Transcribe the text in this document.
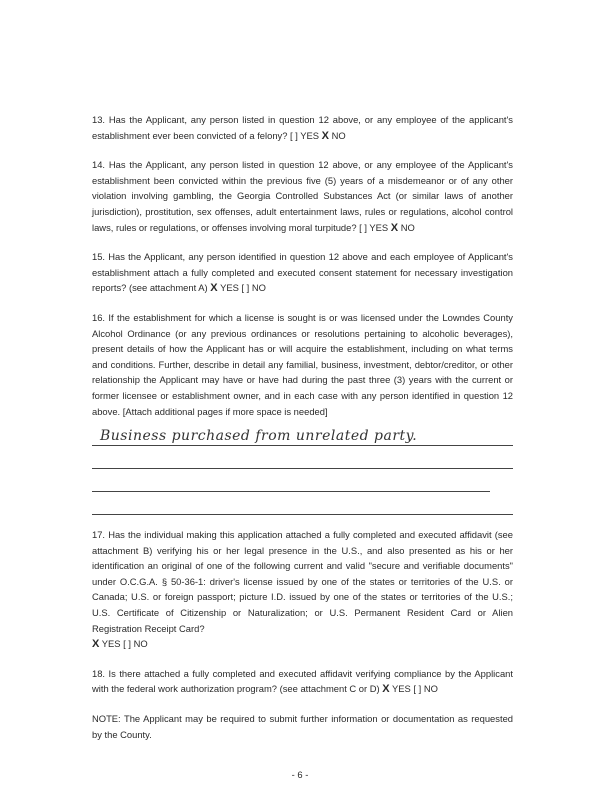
13. Has the Applicant, any person listed in question 12 above, or any employee of the applicant's establishment ever been convicted of a felony? [ ] YES X NO
14. Has the Applicant, any person listed in question 12 above, or any employee of the Applicant's establishment been convicted within the previous five (5) years of a misdemeanor or of any other violation involving gambling, the Georgia Controlled Substances Act (or similar laws of another jurisdiction), prostitution, sex offenses, adult entertainment laws, rules or regulations, alcohol control laws, rules or regulations, or offenses involving moral turpitude? [ ] YES X NO
15. Has the Applicant, any person identified in question 12 above and each employee of Applicant's establishment attach a fully completed and executed consent statement for necessary investigation reports? (see attachment A) X YES [ ] NO
16. If the establishment for which a license is sought is or was licensed under the Lowndes County Alcohol Ordinance (or any previous ordinances or resolutions pertaining to alcoholic beverages), present details of how the Applicant has or will acquire the establishment, including on what terms and conditions. Further, describe in detail any familial, business, investment, debtor/creditor, or other relationship the Applicant may have or have had during the past three (3) years with the current or former licensee or establishment owner, and in each case with any person identified in question 12 above. [Attach additional pages if more space is needed]
Business purchased from unrelated party.
17. Has the individual making this application attached a fully completed and executed affidavit (see attachment B) verifying his or her legal presence in the U.S., and also presented as his or her identification an original of one of the following current and valid "secure and verifiable documents" under O.C.G.A. § 50-36-1: driver's license issued by one of the states or territories of the U.S. or Canada; U.S. or foreign passport; picture I.D. issued by one of the states or territories of the U.S.; U.S. Certificate of Citizenship or Naturalization; or U.S. Permanent Resident Card or Alien Registration Receipt Card?
X YES [ ] NO
18. Is there attached a fully completed and executed affidavit verifying compliance by the Applicant with the federal work authorization program? (see attachment C or D) X YES [ ] NO
NOTE: The Applicant may be required to submit further information or documentation as requested by the County.
- 6 -
